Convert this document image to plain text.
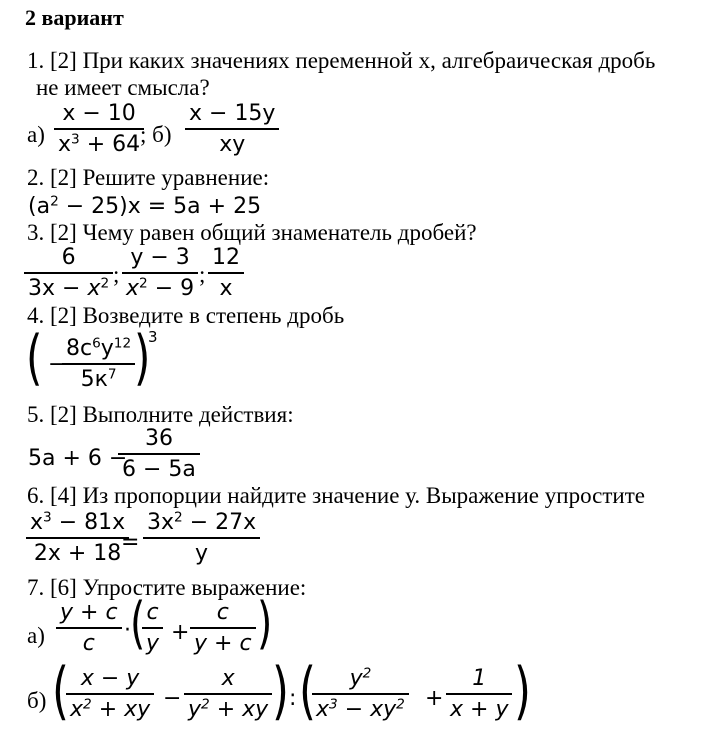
2 вариант
1. [2] При каких значениях переменной х, алгебраическая дробь
не имеет смысла?
а)
х − 10
$х^3 + 64$ ; б)
х − 15у
ху
2. [2] Решите уравнение:
$(а^2 - 25)х = 5а + 25$
3. [2] Чему равен общий знаменатель дробей?
6
$3х - x^2$ ;
у − 3
$x^2 - 9$
;
12
х
4. [2] Возведите в степень дробь
( −
$8с^6у^{12}$
$5к^7$ )
3
5. [2] Выполните действия:
5а + 6 −
36
6 − 5а
6. [4] Из пропорции найдите значение у. Выражение упростите
$х^3 - 81х$
2х + 18 =
$3х^2 - 27х$
у
7. [6] Упростите выражение:
а)
y + c
c
· ( c
y +
c
y + c )
б) ( x − y
$x^2$ + xy −
x
$y^2$ + xy ) : ( $y^2$
$x^3 - xy^2$ +
1
x + y )
